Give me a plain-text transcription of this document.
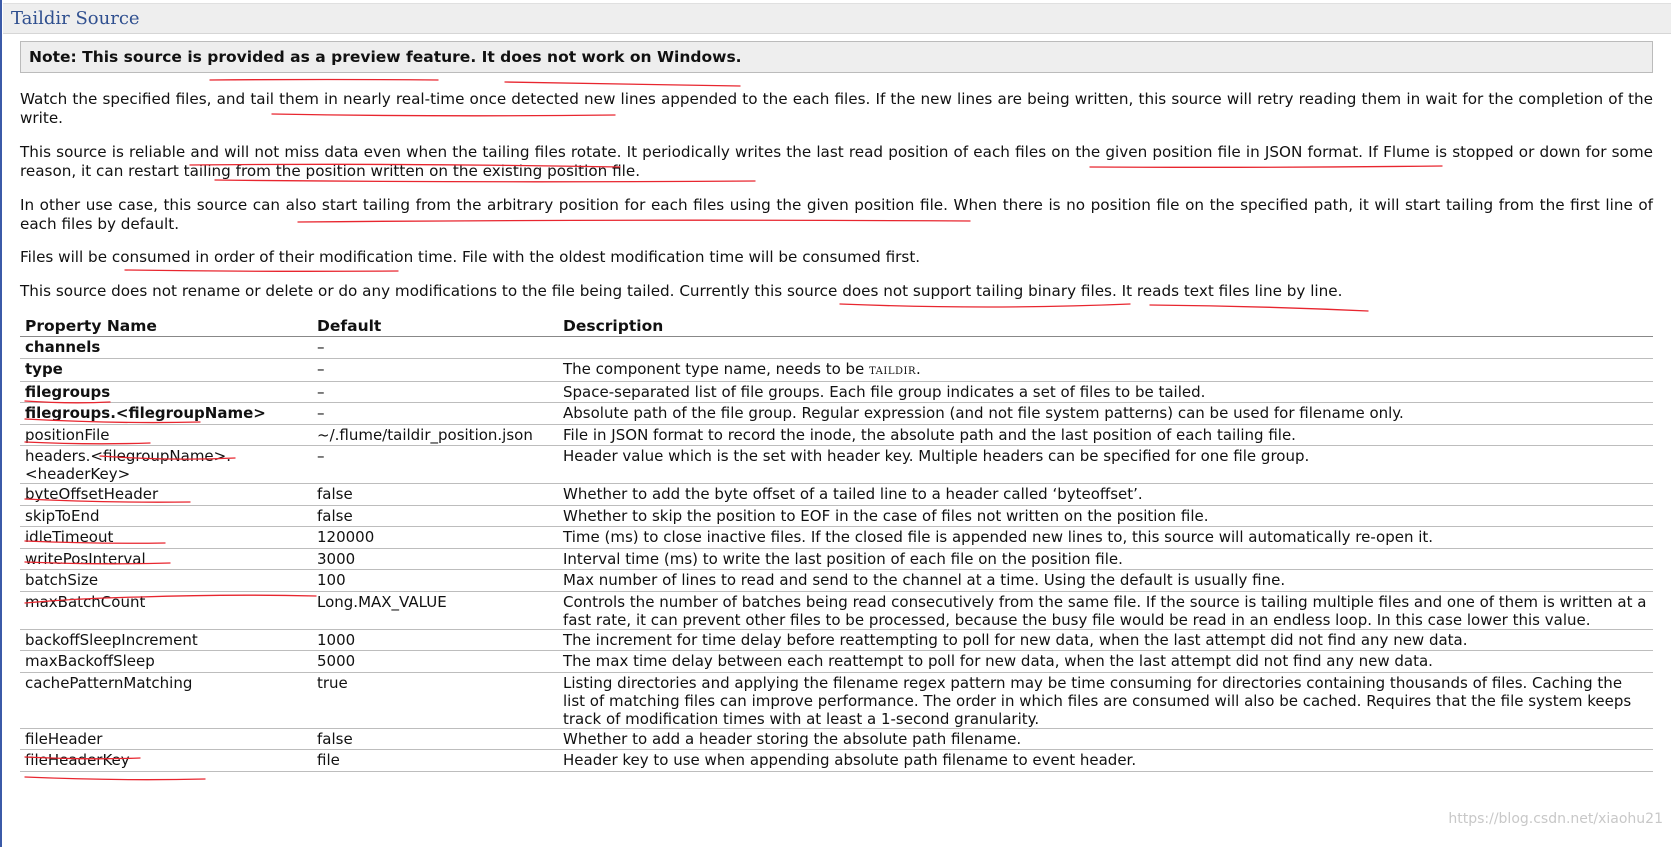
Taildir Source
Note: This source is provided as a preview feature. It does not work on Windows.
Watch the specified files, and tail them in nearly real-time once detected new lines appended to the each files. If the new lines are being written, this source will retry reading them in wait for the completion of the write.
This source is reliable and will not miss data even when the tailing files rotate. It periodically writes the last read position of each files on the given position file in JSON format. If Flume is stopped or down for some reason, it can restart tailing from the position written on the existing position file.
In other use case, this source can also start tailing from the arbitrary position for each files using the given position file. When there is no position file on the specified path, it will start tailing from the first line of each files by default.
Files will be consumed in order of their modification time. File with the oldest modification time will be consumed first.
This source does not rename or delete or do any modifications to the file being tailed. Currently this source does not support tailing binary files. It reads text files line by line.
Property Name	Default	Description
channels	–	
type	–	The component type name, needs to be TAILDIR.
filegroups	–	Space-separated list of file groups. Each file group indicates a set of files to be tailed.
filegroups.<filegroupName>	–	Absolute path of the file group. Regular expression (and not file system patterns) can be used for filename only.
positionFile	~/.flume/taildir_position.json	File in JSON format to record the inode, the absolute path and the last position of each tailing file.
headers.<filegroupName>.
<headerKey>	–	Header value which is the set with header key. Multiple headers can be specified for one file group.
byteOffsetHeader	false	Whether to add the byte offset of a tailed line to a header called ‘byteoffset’.
skipToEnd	false	Whether to skip the position to EOF in the case of files not written on the position file.
idleTimeout	120000	Time (ms) to close inactive files. If the closed file is appended new lines to, this source will automatically re-open it.
writePosInterval	3000	Interval time (ms) to write the last position of each file on the position file.
batchSize	100	Max number of lines to read and send to the channel at a time. Using the default is usually fine.
maxBatchCount	Long.MAX_VALUE	Controls the number of batches being read consecutively from the same file. If the source is tailing multiple files and one of them is written at a fast rate, it can prevent other files to be processed, because the busy file would be read in an endless loop. In this case lower this value.
backoffSleepIncrement	1000	The increment for time delay before reattempting to poll for new data, when the last attempt did not find any new data.
maxBackoffSleep	5000	The max time delay between each reattempt to poll for new data, when the last attempt did not find any new data.
cachePatternMatching	true	Listing directories and applying the filename regex pattern may be time consuming for directories containing thousands of files. Caching the list of matching files can improve performance. The order in which files are consumed will also be cached. Requires that the file system keeps track of modification times with at least a 1-second granularity.
fileHeader	false	Whether to add a header storing the absolute path filename.
fileHeaderKey	file	Header key to use when appending absolute path filename to event header.
https://blog.csdn.net/xiaohu21
